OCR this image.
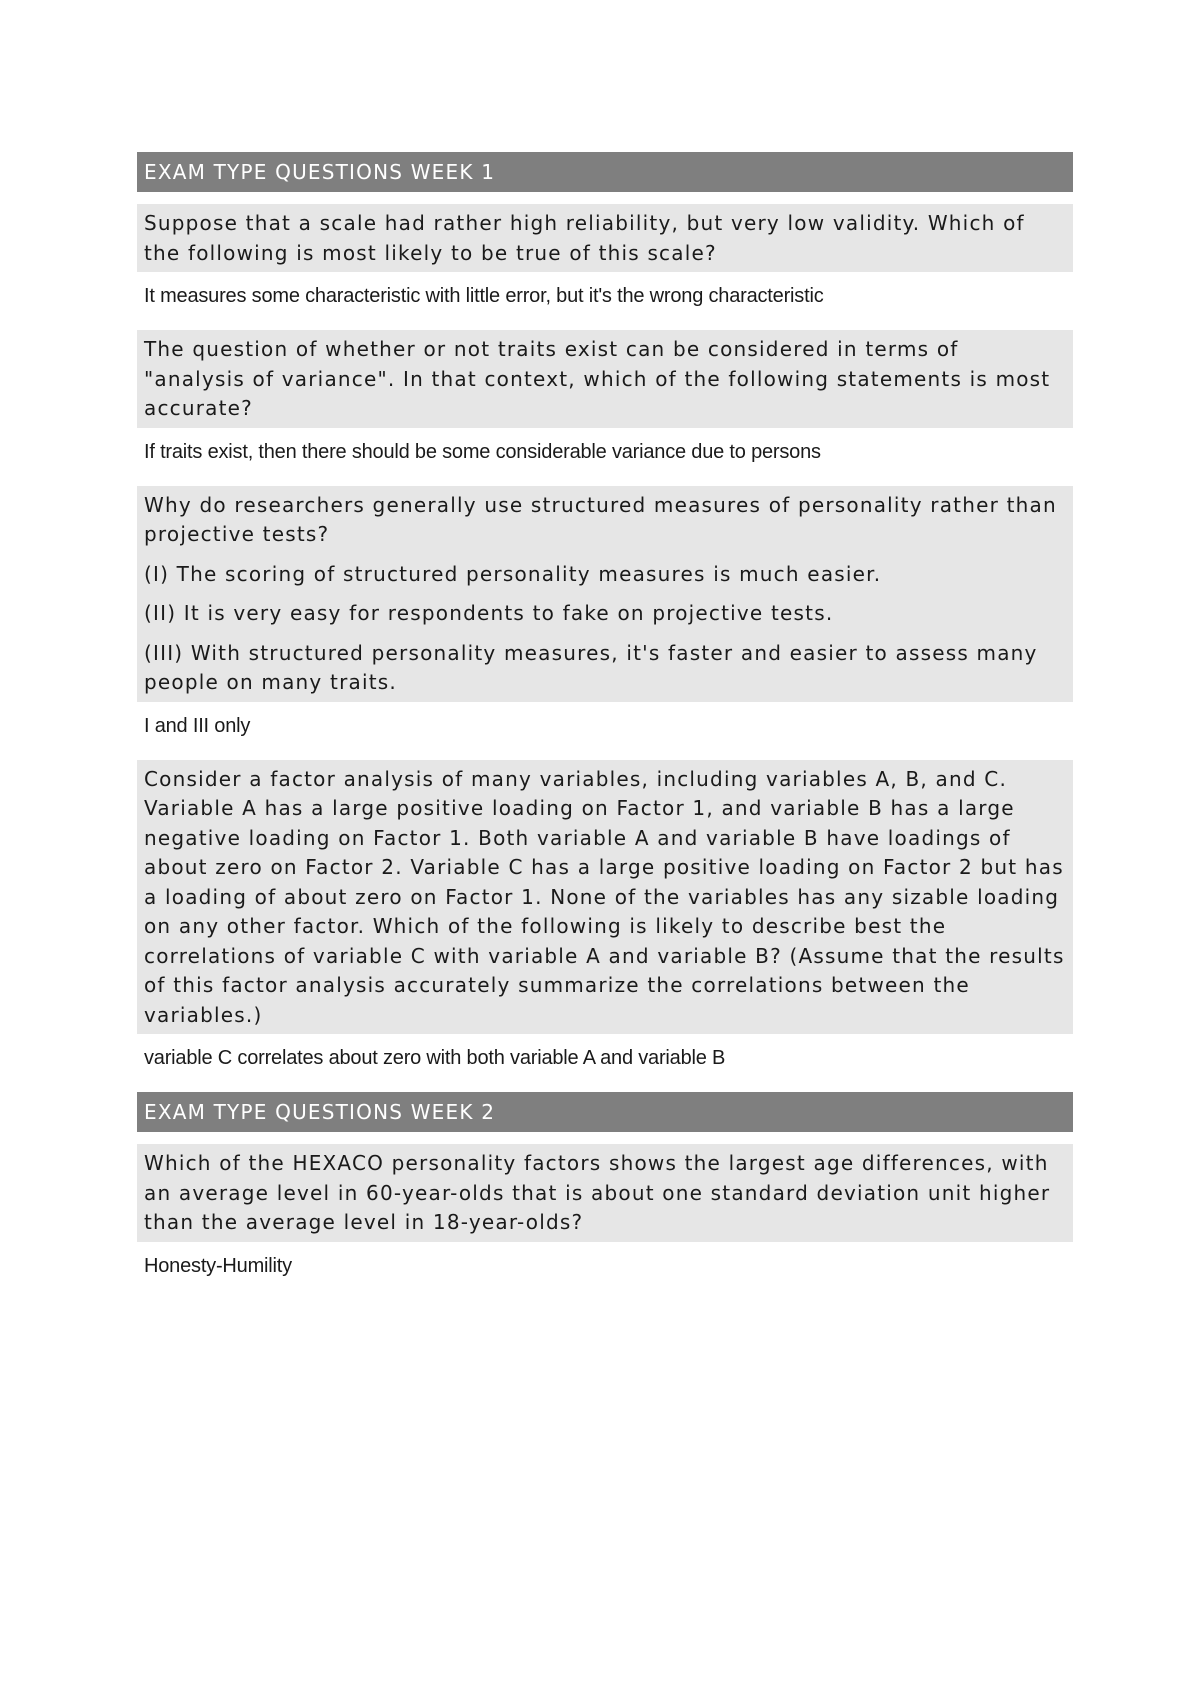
EXAM TYPE QUESTIONS WEEK 1

Suppose that a scale had rather high reliability, but very low validity. Which of the following is most likely to be true of this scale?

It measures some characteristic with little error, but it's the wrong characteristic

The question of whether or not traits exist can be considered in terms of "analysis of variance". In that context, which of the following statements is most accurate?

If traits exist, then there should be some considerable variance due to persons

Why do researchers generally use structured measures of personality rather than projective tests?

(I) The scoring of structured personality measures is much easier.

(II) It is very easy for respondents to fake on projective tests.

(III) With structured personality measures, it's faster and easier to assess many people on many traits.

I and III only

Consider a factor analysis of many variables, including variables A, B, and C. Variable A has a large positive loading on Factor 1, and variable B has a large negative loading on Factor 1. Both variable A and variable B have loadings of about zero on Factor 2. Variable C has a large positive loading on Factor 2 but has a loading of about zero on Factor 1. None of the variables has any sizable loading on any other factor. Which of the following is likely to describe best the correlations of variable C with variable A and variable B? (Assume that the results of this factor analysis accurately summarize the correlations between the variables.)

variable C correlates about zero with both variable A and variable B
EXAM TYPE QUESTIONS WEEK 2

Which of the HEXACO personality factors shows the largest age differences, with an average level in 60-year-olds that is about one standard deviation unit higher than the average level in 18-year-olds?

Honesty-Humility
